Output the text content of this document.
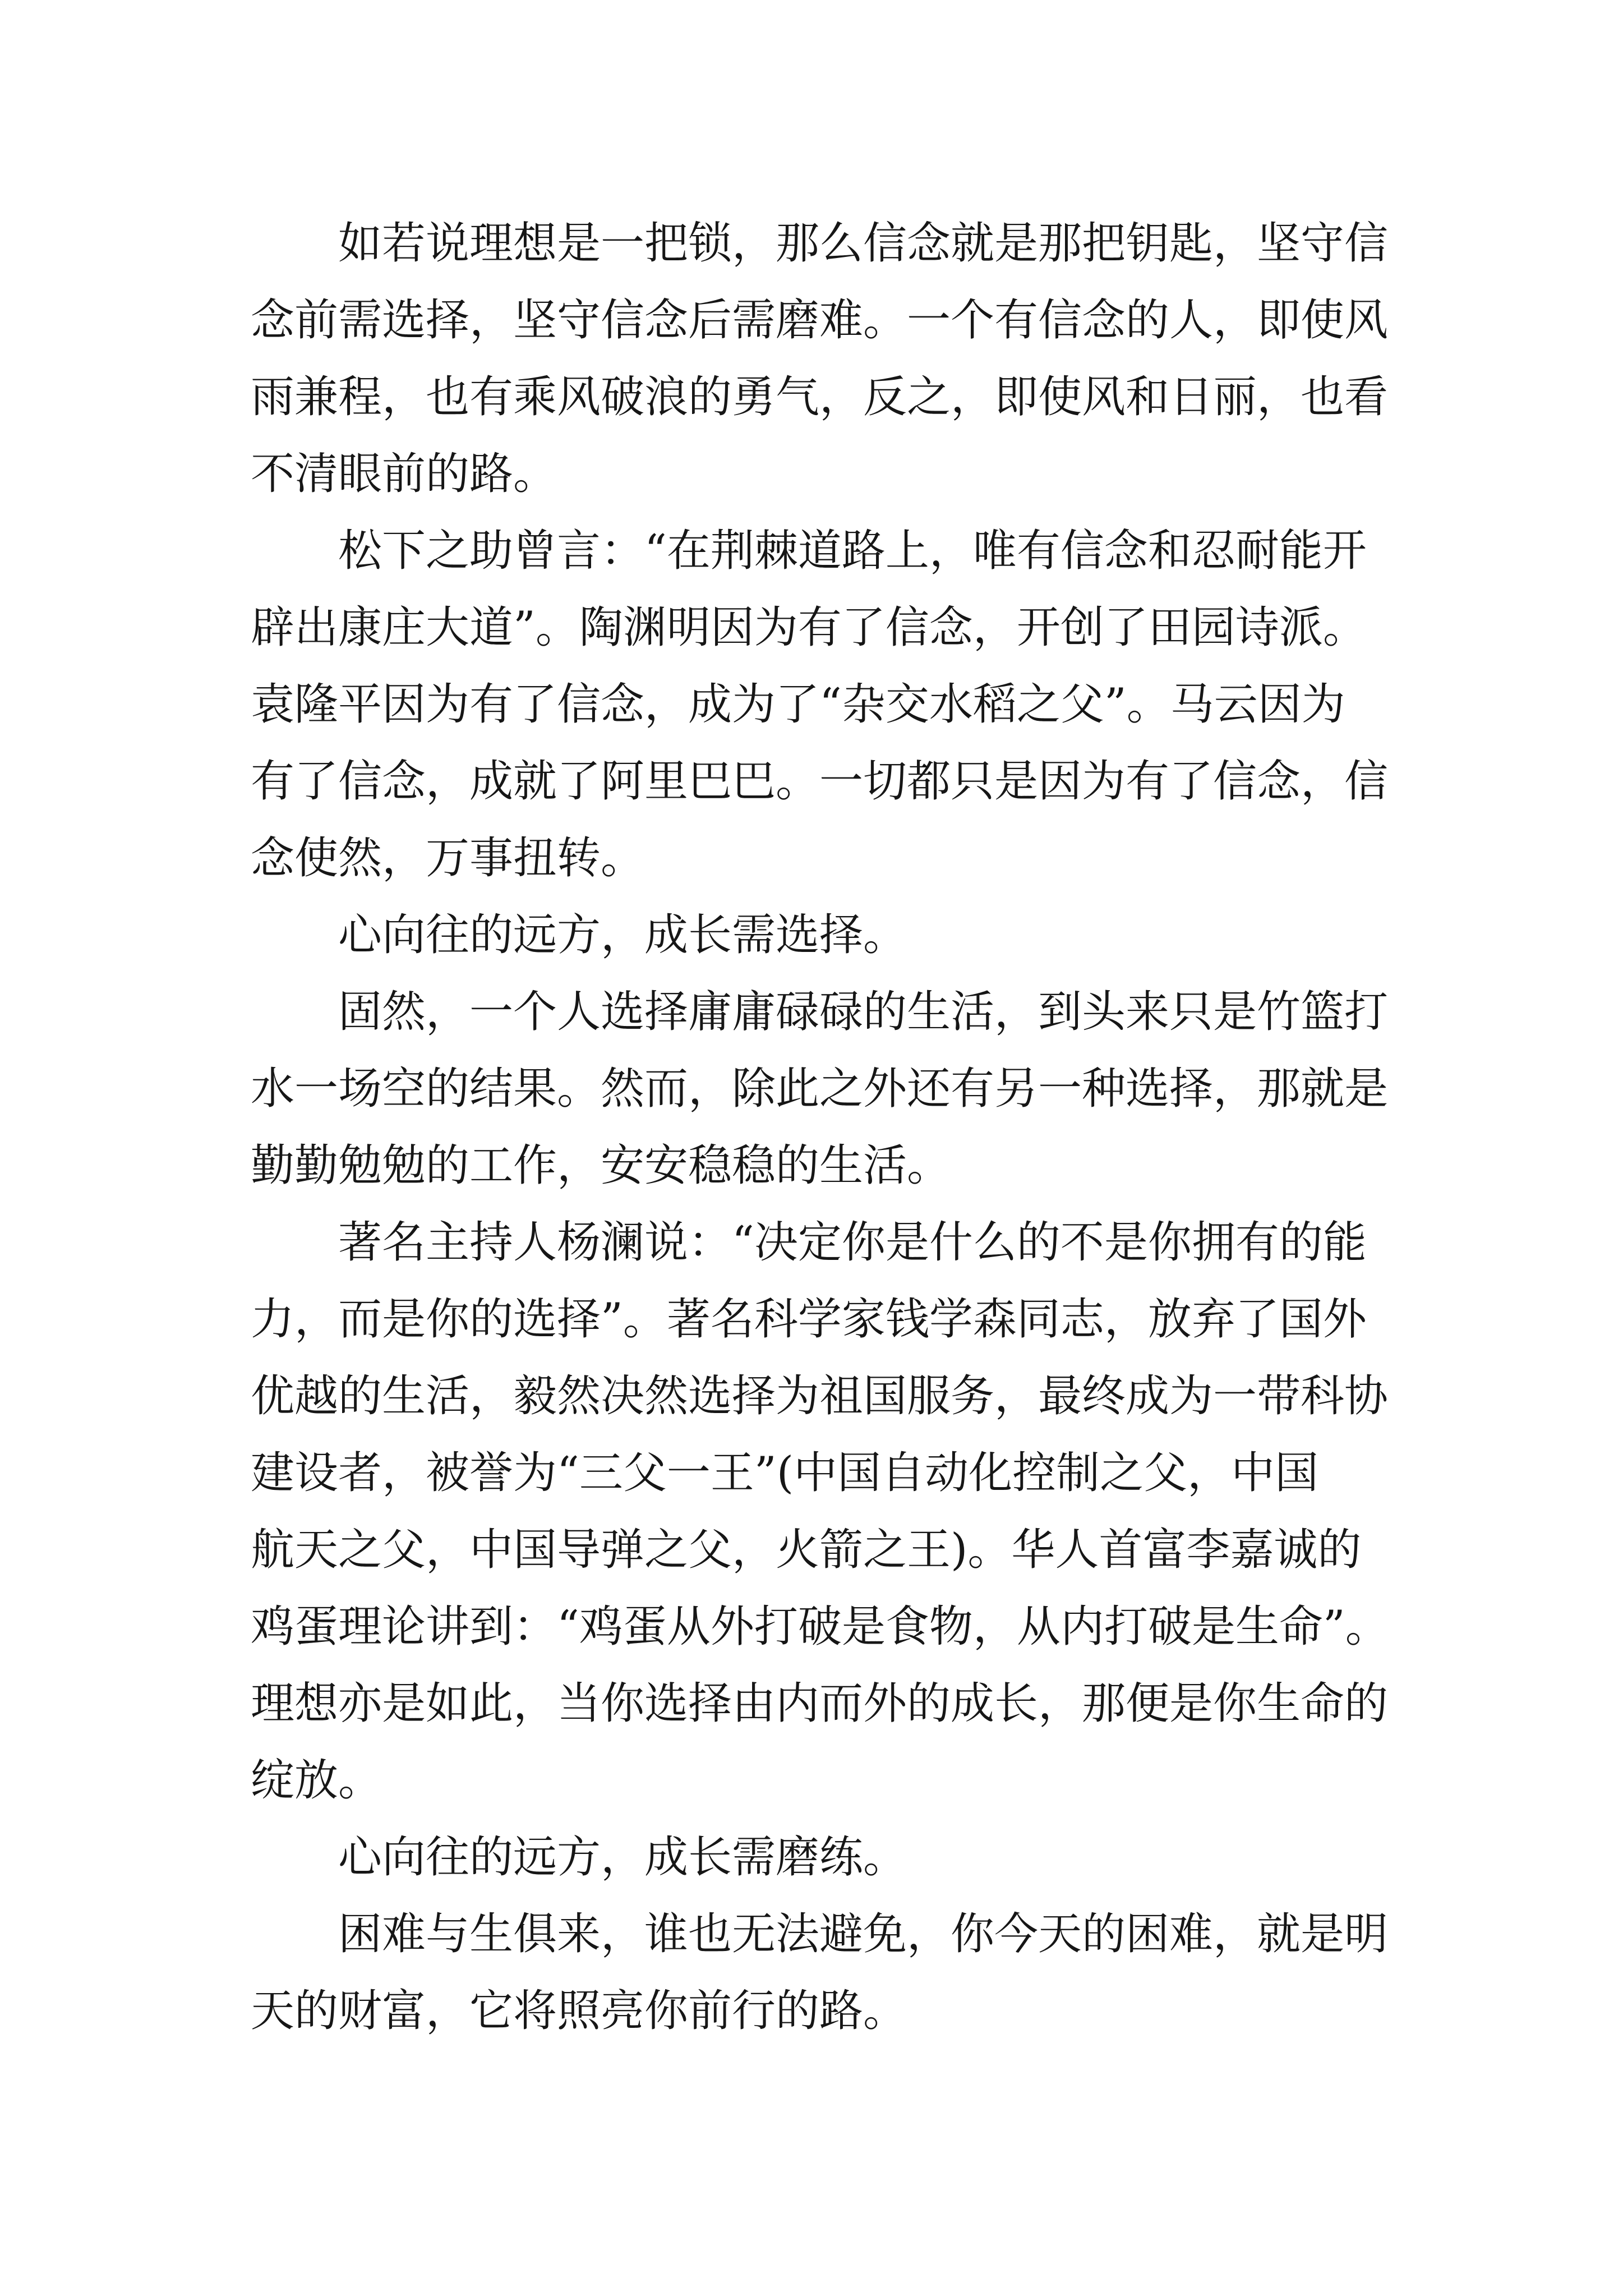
如若说理想是一把锁，那么信念就是那把钥匙，坚守信
念前需选择，坚守信念后需磨难。一个有信念的人，即使风
雨兼程，也有乘风破浪的勇气，反之，即使风和日丽，也看
不清眼前的路。
松下之助曾言：“在荆棘道路上，唯有信念和忍耐能开
辟出康庄大道”。陶渊明因为有了信念，开创了田园诗派。
袁隆平因为有了信念，成为了“杂交水稻之父”。马云因为
有了信念，成就了阿里巴巴。一切都只是因为有了信念，信
念使然，万事扭转。
心向往的远方，成长需选择。
固然，一个人选择庸庸碌碌的生活，到头来只是竹篮打
水一场空的结果。然而，除此之外还有另一种选择，那就是
勤勤勉勉的工作，安安稳稳的生活。
著名主持人杨澜说：“决定你是什么的不是你拥有的能
力，而是你的选择”。著名科学家钱学森同志，放弃了国外
优越的生活，毅然决然选择为祖国服务，最终成为一带科协
建设者，被誉为“三父一王”(中国自动化控制之父，中国
航天之父，中国导弹之父，火箭之王)。华人首富李嘉诚的
鸡蛋理论讲到：“鸡蛋从外打破是食物，从内打破是生命”。
理想亦是如此，当你选择由内而外的成长，那便是你生命的
绽放。
心向往的远方，成长需磨练。
困难与生俱来，谁也无法避免，你今天的困难，就是明
天的财富，它将照亮你前行的路。
